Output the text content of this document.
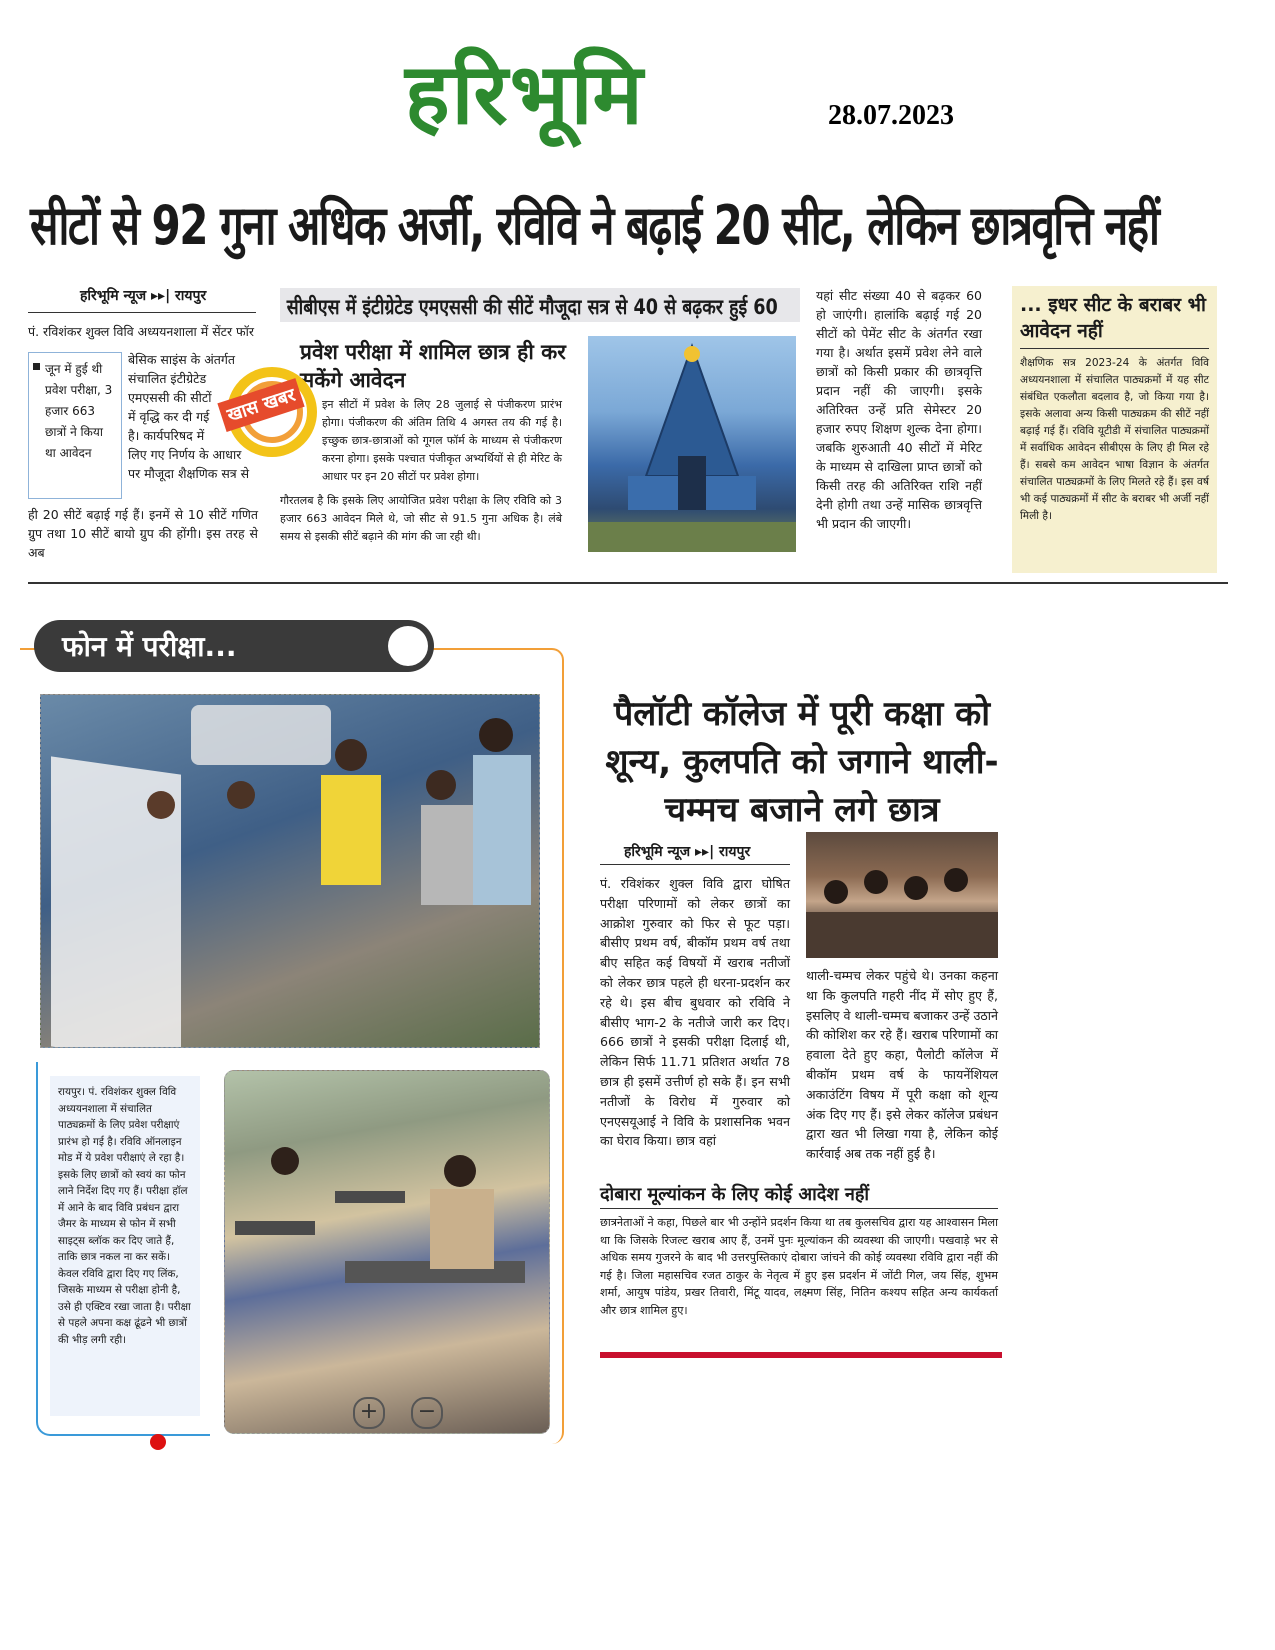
हरिभूमि	28.07.2023
सीटों से 92 गुना अधिक अर्जी, रविवि ने बढ़ाई 20 सीट, लेकिन छात्रवृत्ति नहीं
हरिभूमि न्यूज ▸▸| रायपुर
पं. रविशंकर शुक्ल विवि अध्ययनशाला में सेंटर फॉर
जून में हुई थी प्रवेश परीक्षा, 3 हजार 663 छात्रों ने किया था आवेदन
बेसिक साइंस के अंतर्गत
संचालित इंटीग्रेटेड
एमएससी की सीटों
में वृद्धि कर दी गई
है। कार्यपरिषद में
लिए गए निर्णय के आधार
पर मौजूदा शैक्षणिक सत्र से
ही 20 सीटें बढ़ाई गई हैं। इनमें से 10 सीटें गणित ग्रुप तथा 10 सीटें बायो ग्रुप की होंगी। इस तरह से अब
सीबीएस में इंटीग्रेटेड एमएससी की सीटें मौजूदा सत्र से 40 से बढ़कर हुई 60
प्रवेश परीक्षा में शामिल छात्र ही कर सकेंगे आवेदन
खास खबर	इन सीटों में प्रवेश के लिए 28 जुलाई से पंजीकरण प्रारंभ होगा। पंजीकरण की अंतिम तिथि 4 अगस्त तय की गई है। इच्छुक छात्र-छात्राओं को गूगल फॉर्म के माध्यम से पंजीकरण करना होगा। इसके पश्चात पंजीकृत अभ्यर्थियों से ही मेरिट के आधार पर इन 20 सीटों पर प्रवेश होगा।
गौरतलब है कि इसके लिए आयोजित प्रवेश परीक्षा के लिए रविवि को 3 हजार 663 आवेदन मिले थे, जो सीट से 91.5 गुना अधिक है। लंबे समय से इसकी सीटें बढ़ाने की मांग की जा रही थी।
यहां सीट संख्या 40 से बढ़कर 60 हो जाएंगी। हालांकि बढ़ाई गई 20 सीटों को पेमेंट सीट के अंतर्गत रखा गया है। अर्थात इसमें प्रवेश लेने वाले छात्रों को किसी प्रकार की छात्रवृत्ति प्रदान नहीं की जाएगी। इसके अतिरिक्त उन्हें प्रति सेमेस्टर 20 हजार रुपए शिक्षण शुल्क देना होगा। जबकि शुरुआती 40 सीटों में मेरिट के माध्यम से दाखिला प्राप्त छात्रों को किसी तरह की अतिरिक्त राशि नहीं देनी होगी तथा उन्हें मासिक छात्रवृत्ति भी प्रदान की जाएगी।
... इधर सीट के बराबर भी आवेदन नहीं
शैक्षणिक सत्र 2023-24 के अंतर्गत विवि अध्ययनशाला में संचालित पाठ्यक्रमों में यह सीट संबंधित एकलौता बदलाव है, जो किया गया है। इसके अलावा अन्य किसी पाठ्यक्रम की सीटें नहीं बढ़ाई गई हैं। रविवि यूटीडी में संचालित पाठ्यक्रमों में सर्वाधिक आवेदन सीबीएस के लिए ही मिल रहे हैं। सबसे कम आवेदन भाषा विज्ञान के अंतर्गत संचालित पाठ्यक्रमों के लिए मिलते रहे हैं। इस वर्ष भी कई पाठ्यक्रमों में सीट के बराबर भी अर्जी नहीं मिली है।
फोन में परीक्षा...
रायपुर। पं. रविशंकर शुक्ल विवि अध्ययनशाला में संचालित पाठ्यक्रमों के लिए प्रवेश परीक्षाएं प्रारंभ हो गई है। रविवि ऑनलाइन मोड में ये प्रवेश परीक्षाएं ले रहा है। इसके लिए छात्रों को स्वयं का फोन लाने निर्देश दिए गए हैं। परीक्षा हॉल में आने के बाद विवि प्रबंधन द्वारा जैमर के माध्यम से फोन में सभी साइट्स ब्लॉक कर दिए जाते हैं, ताकि छात्र नकल ना कर सकें। केवल रविवि द्वारा दिए गए लिंक, जिसके माध्यम से परीक्षा होनी है, उसे ही एक्टिव रखा जाता है। परीक्षा से पहले अपना कक्ष ढूंढने भी छात्रों की भीड़ लगी रही।
+	−
पैलॉटी कॉलेज में पूरी कक्षा को शून्य, कुलपति को जगाने थाली-चम्मच बजाने लगे छात्र
हरिभूमि न्यूज ▸▸| रायपुर
पं. रविशंकर शुक्ल विवि द्वारा घोषित परीक्षा परिणामों को लेकर छात्रों का आक्रोश गुरुवार को फिर से फूट पड़ा। बीसीए प्रथम वर्ष, बीकॉम प्रथम वर्ष तथा बीए सहित कई विषयों में खराब नतीजों को लेकर छात्र पहले ही धरना-प्रदर्शन कर रहे थे। इस बीच बुधवार को रविवि ने बीसीए भाग-2 के नतीजे जारी कर दिए। 666 छात्रों ने इसकी परीक्षा दिलाई थी, लेकिन सिर्फ 11.71 प्रतिशत अर्थात 78 छात्र ही इसमें उत्तीर्ण हो सके हैं। इन सभी नतीजों के विरोध में गुरुवार को एनएसयूआई ने विवि के प्रशासनिक भवन का घेराव किया। छात्र वहां
थाली-चम्मच लेकर पहुंचे थे। उनका कहना था कि कुलपति गहरी नींद में सोए हुए हैं, इसलिए वे थाली-चम्मच बजाकर उन्हें उठाने की कोशिश कर रहे हैं। खराब परिणामों का हवाला देते हुए कहा, पैलोटी कॉलेज में बीकॉम प्रथम वर्ष के फायनेंशियल अकाउंटिंग विषय में पूरी कक्षा को शून्य अंक दिए गए हैं। इसे लेकर कॉलेज प्रबंधन द्वारा खत भी लिखा गया है, लेकिन कोई कार्रवाई अब तक नहीं हुई है।
दोबारा मूल्यांकन के लिए कोई आदेश नहीं
छात्रनेताओं ने कहा, पिछले बार भी उन्होंने प्रदर्शन किया था तब कुलसचिव द्वारा यह आश्वासन मिला था कि जिसके रिजल्ट खराब आए हैं, उनमें पुनः मूल्यांकन की व्यवस्था की जाएगी। पखवाड़े भर से अधिक समय गुजरने के बाद भी उत्तरपुस्तिकाएं दोबारा जांचने की कोई व्यवस्था रविवि द्वारा नहीं की गई है। जिला महासचिव रजत ठाकुर के नेतृत्व में हुए इस प्रदर्शन में जोंटी गिल, जय सिंह, शुभम शर्मा, आयुष पांडेय, प्रखर तिवारी, मिंटू यादव, लक्ष्मण सिंह, नितिन कश्यप सहित अन्य कार्यकर्ता और छात्र शामिल हुए।
